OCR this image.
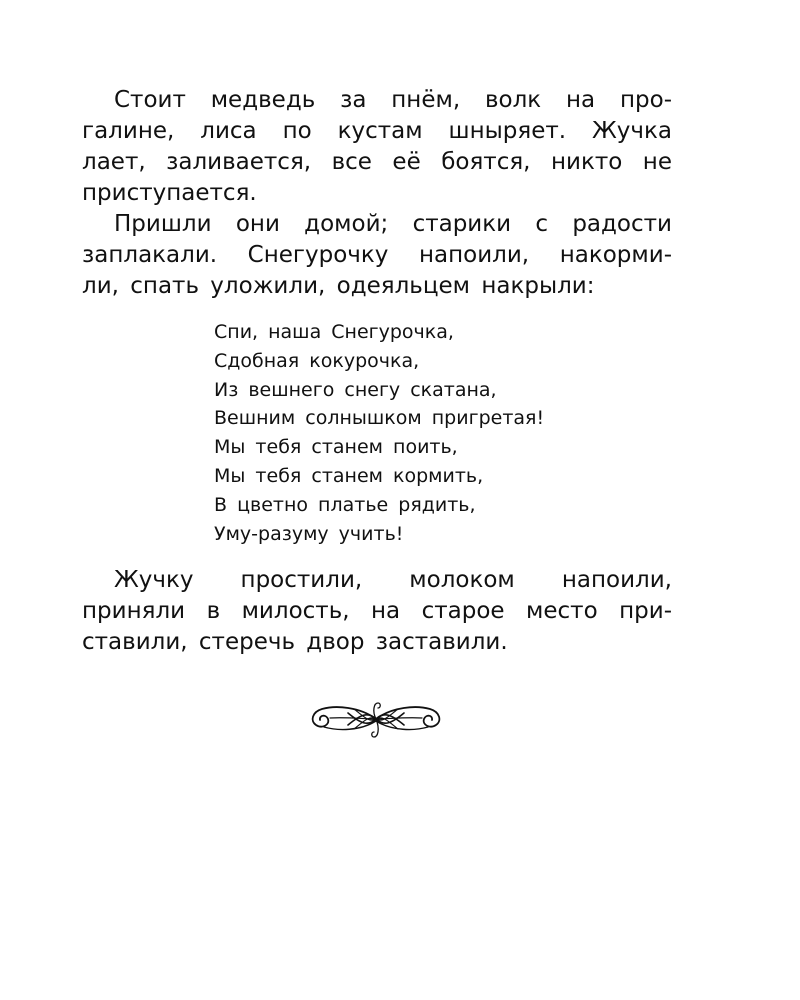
Стоит медведь за пнём, волк на про-
галине, лиса по кустам шныряет. Жучка
лает, заливается, все её боятся, никто не
приступается.

Пришли они домой; старики с радости
заплакали. Снегурочку напоили, накорми-
ли, спать уложили, одеяльцем накрыли:

Спи, наша Снегурочка,
Сдобная кокурочка,
Из вешнего снегу скатана,
Вешним солнышком пригретая!
Мы тебя станем поить,
Мы тебя станем кормить,
В цветно платье рядить,
Уму-разуму учить!

Жучку простили, молоком напоили,
приняли в милость, на старое место при-
ставили, стеречь двор заставили.
